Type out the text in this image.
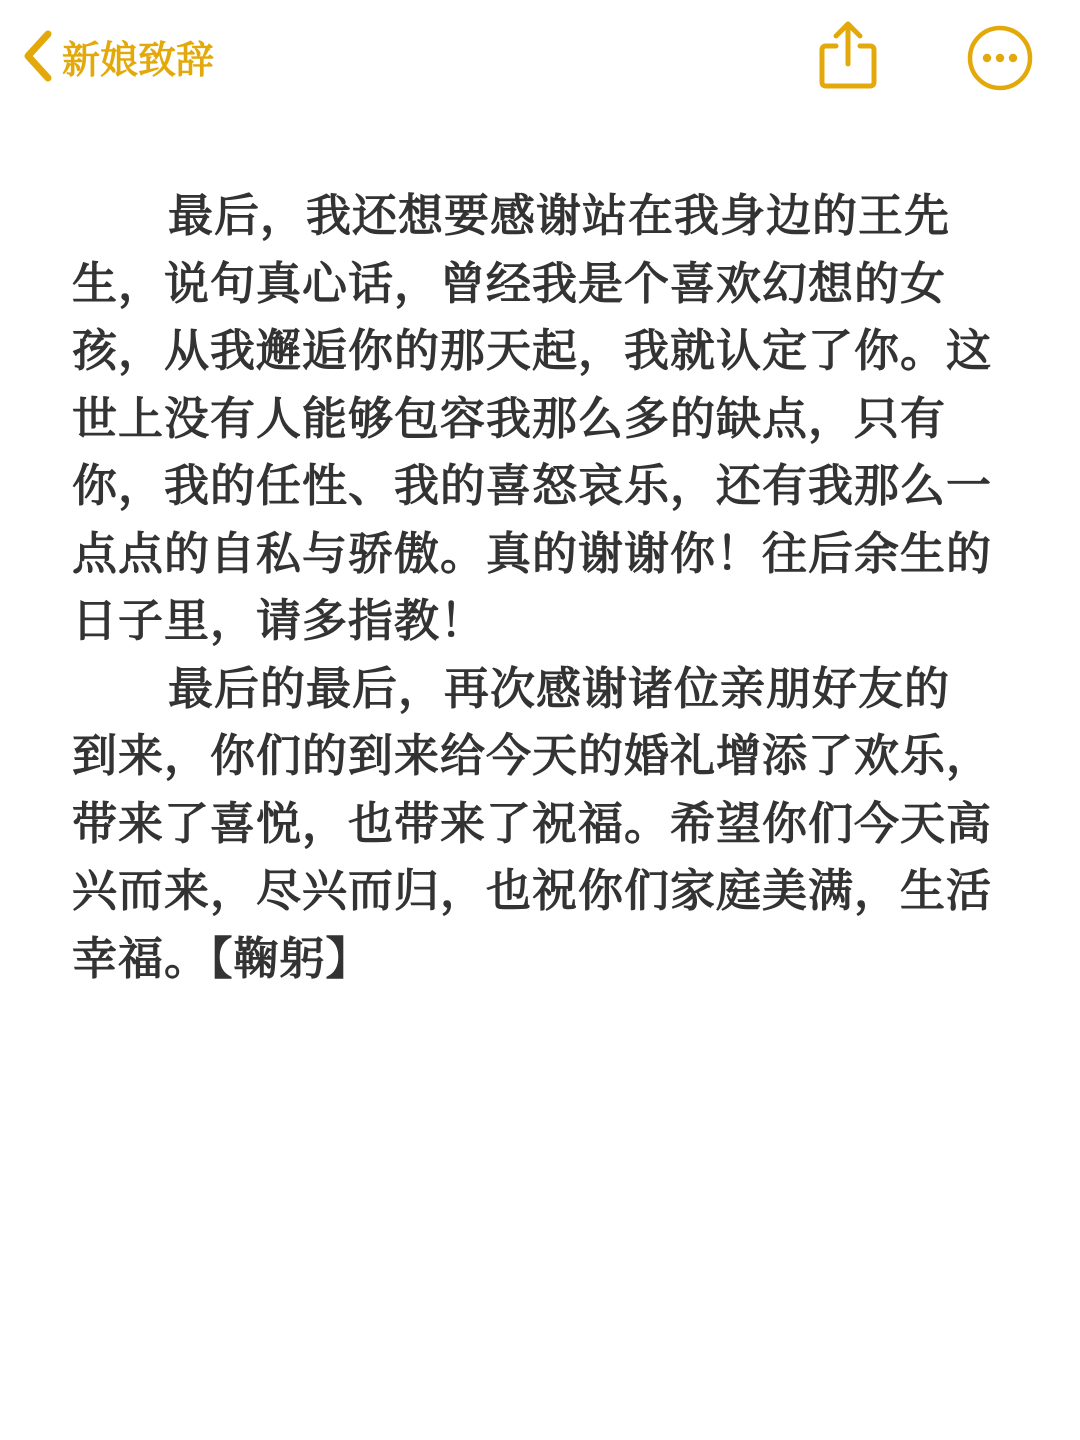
新娘致辞

最后，我还想要感谢站在我身边的王先生，说句真心话，曾经我是个喜欢幻想的女孩，从我邂逅你的那天起，我就认定了你。这世上没有人能够包容我那么多的缺点，只有你，我的任性、我的喜怒哀乐，还有我那么一点点的自私与骄傲。真的谢谢你！往后余生的日子里，请多指教！

最后的最后，再次感谢诸位亲朋好友的到来，你们的到来给今天的婚礼增添了欢乐，带来了喜悦，也带来了祝福。希望你们今天高兴而来，尽兴而归，也祝你们家庭美满，生活幸福。【鞠躬】
